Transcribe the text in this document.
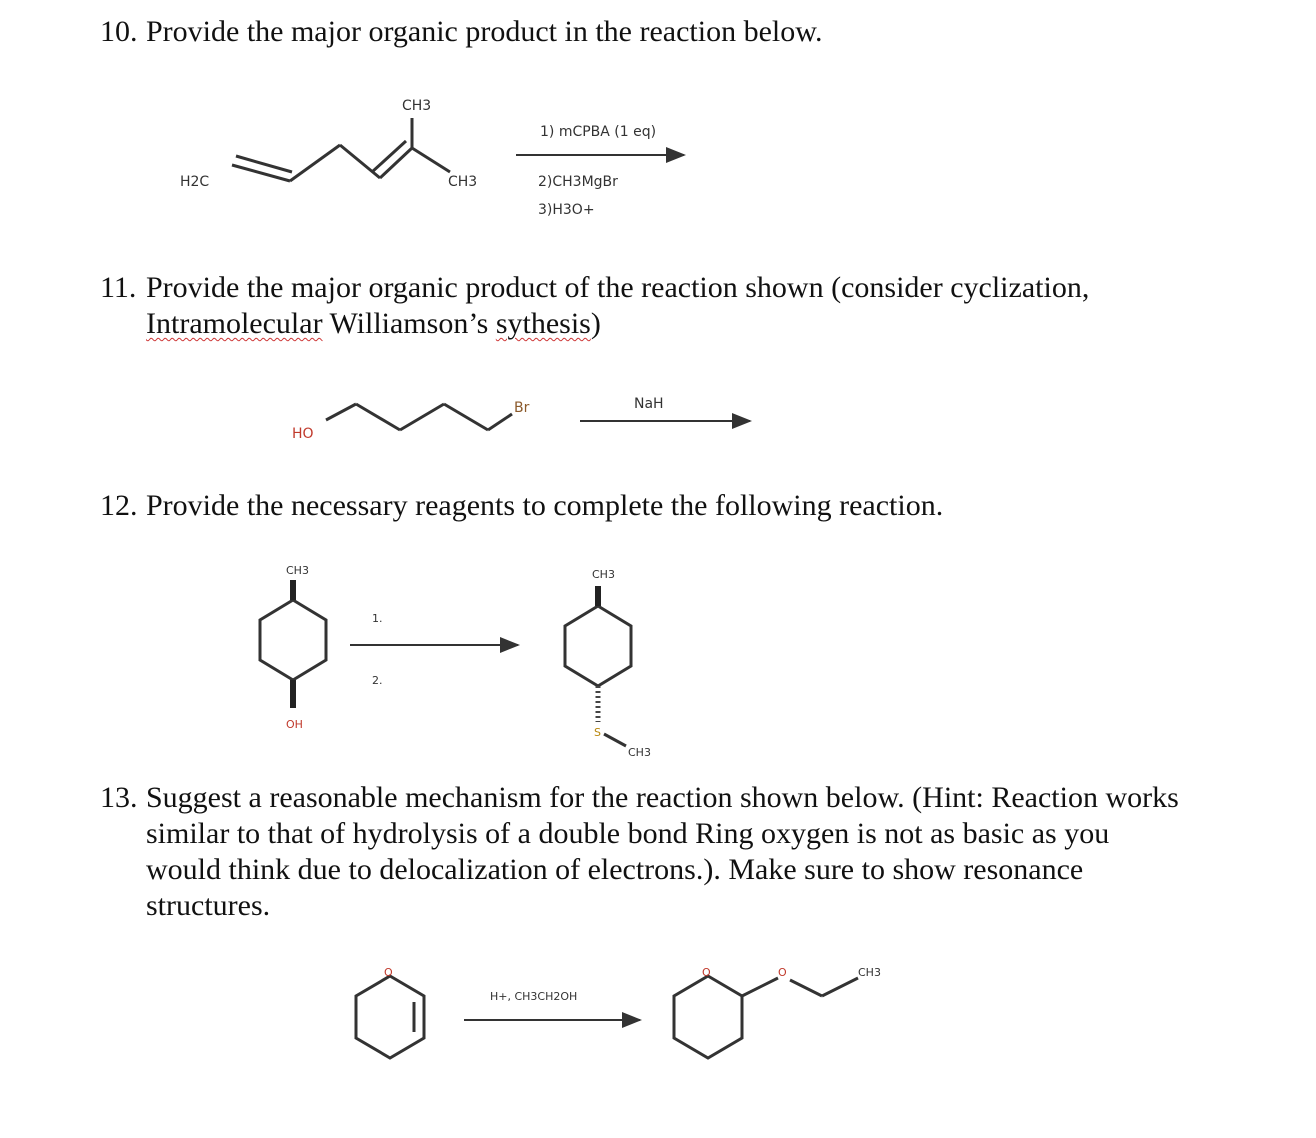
10. Provide the major organic product in the reaction below.
11. Provide the major organic product of the reaction shown (consider cyclization,
Intramolecular Williamson’s sythesis)
12. Provide the necessary reagents to complete the following reaction.
13. Suggest a reasonable mechanism for the reaction shown below. (Hint: Reaction works
similar to that of hydrolysis of a double bond Ring oxygen is not as basic as you
would think due to delocalization of electrons.). Make sure to show resonance
structures.
CH3
CH3
H2C
1) mCPBA (1 eq)
2)CH3MgBr
3)H3O+
HO
Br	NaH
CH3
OH
1.
2.
CH3
S
CH3
O
H+, CH3CH2OH
O	O	CH3
